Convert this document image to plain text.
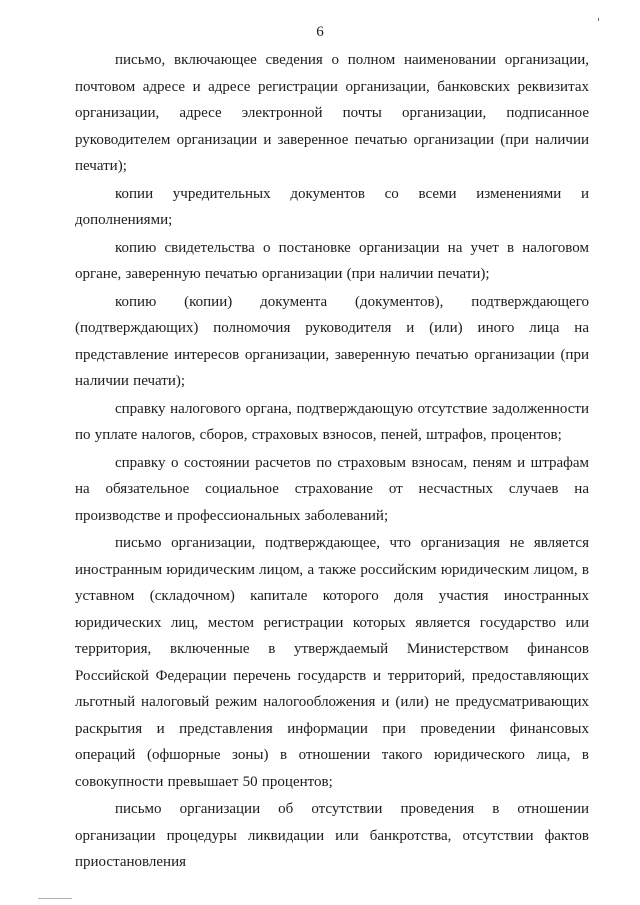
6

письмо, включающее сведения о полном наименовании организации, почтовом адресе и адресе регистрации организации, банковских реквизитах организации, адресе электронной почты организации, подписанное руководителем организации и заверенное печатью организации (при наличии печати);

копии учредительных документов со всеми изменениями и дополнениями;

копию свидетельства о постановке организации на учет в налоговом органе, заверенную печатью организации (при наличии печати);

копию (копии) документа (документов), подтверждающего (подтверждающих) полномочия руководителя и (или) иного лица на представление интересов организации, заверенную печатью организации (при наличии печати);

справку налогового органа, подтверждающую отсутствие задолженности по уплате налогов, сборов, страховых взносов, пеней, штрафов, процентов;

справку о состоянии расчетов по страховым взносам, пеням и штрафам на обязательное социальное страхование от несчастных случаев на производстве и профессиональных заболеваний;

письмо организации, подтверждающее, что организация не является иностранным юридическим лицом, а также российским юридическим лицом, в уставном (складочном) капитале которого доля участия иностранных юридических лиц, местом регистрации которых является государство или территория, включенные в утверждаемый Министерством финансов Российской Федерации перечень государств и территорий, предоставляющих льготный налоговый режим налогообложения и (или) не предусматривающих раскрытия и представления информации при проведении финансовых операций (офшорные зоны) в отношении такого юридического лица, в совокупности превышает 50 процентов;

письмо организации об отсутствии проведения в отношении организации процедуры ликвидации или банкротства, отсутствии фактов приостановления
